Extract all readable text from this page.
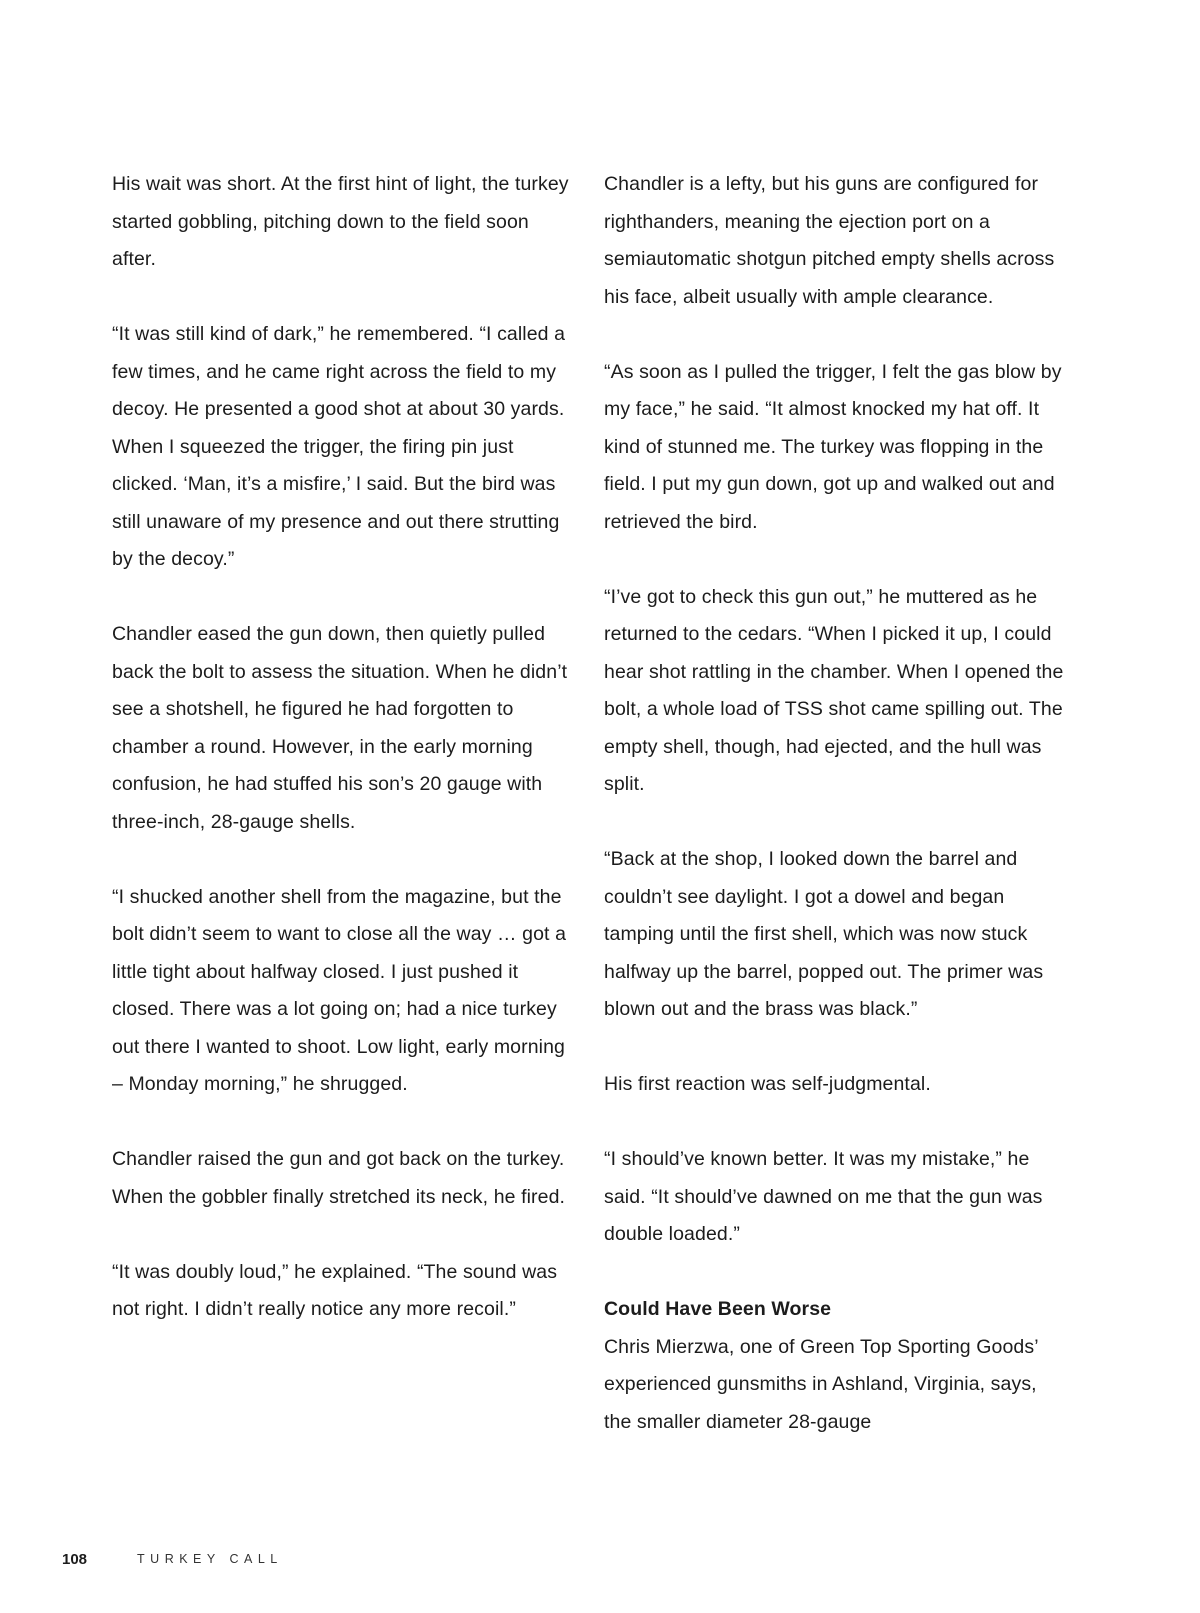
His wait was short. At the first hint of light, the turkey started gobbling, pitching down to the field soon after.

“It was still kind of dark,” he remembered. “I called a few times, and he came right across the field to my decoy. He presented a good shot at about 30 yards. When I squeezed the trigger, the firing pin just clicked. ‘Man, it’s a misfire,’ I said. But the bird was still unaware of my presence and out there strutting by the decoy.”

Chandler eased the gun down, then quietly pulled back the bolt to assess the situation. When he didn’t see a shotshell, he figured he had forgotten to chamber a round. However, in the early morning confusion, he had stuffed his son’s 20 gauge with three-inch, 28-gauge shells.

“I shucked another shell from the magazine, but the bolt didn’t seem to want to close all the way … got a little tight about halfway closed. I just pushed it closed. There was a lot going on; had a nice turkey out there I wanted to shoot. Low light, early morning – Monday morning,” he shrugged.

Chandler raised the gun and got back on the turkey. When the gobbler finally stretched its neck, he fired.

“It was doubly loud,” he explained. “The sound was not right. I didn’t really notice any more recoil.”

Chandler is a lefty, but his guns are configured for righthanders, meaning the ejection port on a semiautomatic shotgun pitched empty shells across his face, albeit usually with ample clearance.

“As soon as I pulled the trigger, I felt the gas blow by my face,” he said. “It almost knocked my hat off. It kind of stunned me. The turkey was flopping in the field. I put my gun down, got up and walked out and retrieved the bird.

“I’ve got to check this gun out,” he muttered as he returned to the cedars. “When I picked it up, I could hear shot rattling in the chamber. When I opened the bolt, a whole load of TSS shot came spilling out. The empty shell, though, had ejected, and the hull was split.

“Back at the shop, I looked down the barrel and couldn’t see daylight. I got a dowel and began tamping until the first shell, which was now stuck halfway up the barrel, popped out. The primer was blown out and the brass was black.”

His first reaction was self-judgmental.

“I should’ve known better. It was my mistake,” he said. “It should’ve dawned on me that the gun was double loaded.”

Could Have Been Worse
Chris Mierzwa, one of Green Top Sporting Goods’ experienced gunsmiths in Ashland, Virginia, says, the smaller diameter 28-gauge

108	TURKEY CALL
